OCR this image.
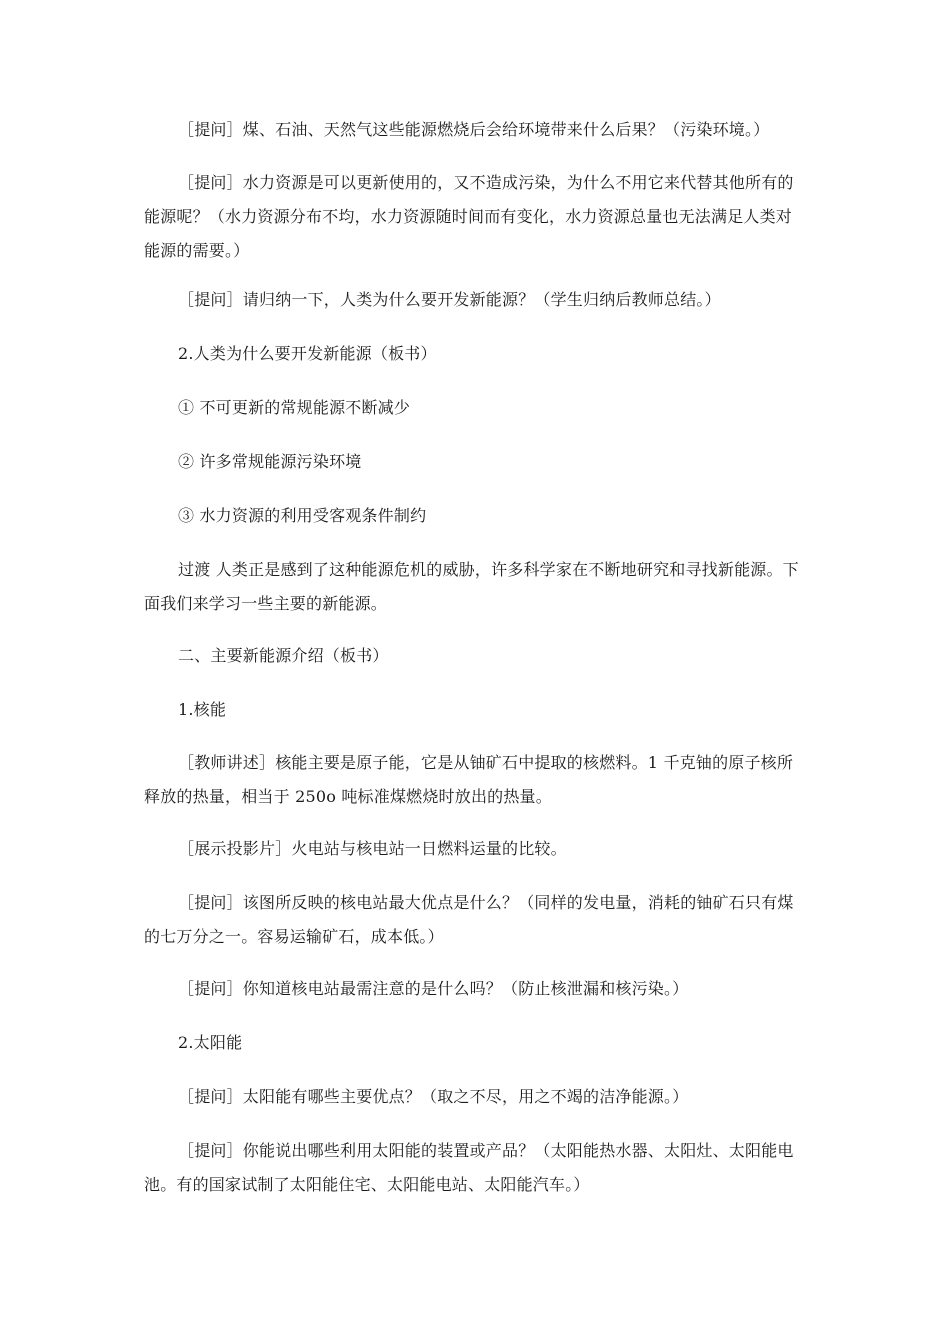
［提问］煤、石油、天然气这些能源燃烧后会给环境带来什么后果？（污染环境。）

［提问］水力资源是可以更新使用的，又不造成污染，为什么不用它来代替其他所有的能源呢？（水力资源分布不均，水力资源随时间而有变化，水力资源总量也无法满足人类对能源的需要。）

［提问］请归纳一下，人类为什么要开发新能源？（学生归纳后教师总结。）

2.人类为什么要开发新能源（板书）

① 不可更新的常规能源不断减少

② 许多常规能源污染环境

③ 水力资源的利用受客观条件制约

过渡 人类正是感到了这种能源危机的威胁，许多科学家在不断地研究和寻找新能源。下面我们来学习一些主要的新能源。

二、主要新能源介绍（板书）

1.核能

［教师讲述］核能主要是原子能，它是从铀矿石中提取的核燃料。1 千克铀的原子核所释放的热量，相当于 250o 吨标准煤燃烧时放出的热量。

［展示投影片］火电站与核电站一日燃料运量的比较。

［提问］该图所反映的核电站最大优点是什么？（同样的发电量，消耗的铀矿石只有煤的七万分之一。容易运输矿石，成本低。）

［提问］你知道核电站最需注意的是什么吗？（防止核泄漏和核污染。）

2.太阳能

［提问］太阳能有哪些主要优点？（取之不尽，用之不竭的洁净能源。）

［提问］你能说出哪些利用太阳能的装置或产品？（太阳能热水器、太阳灶、太阳能电池。有的国家试制了太阳能住宅、太阳能电站、太阳能汽车。）
